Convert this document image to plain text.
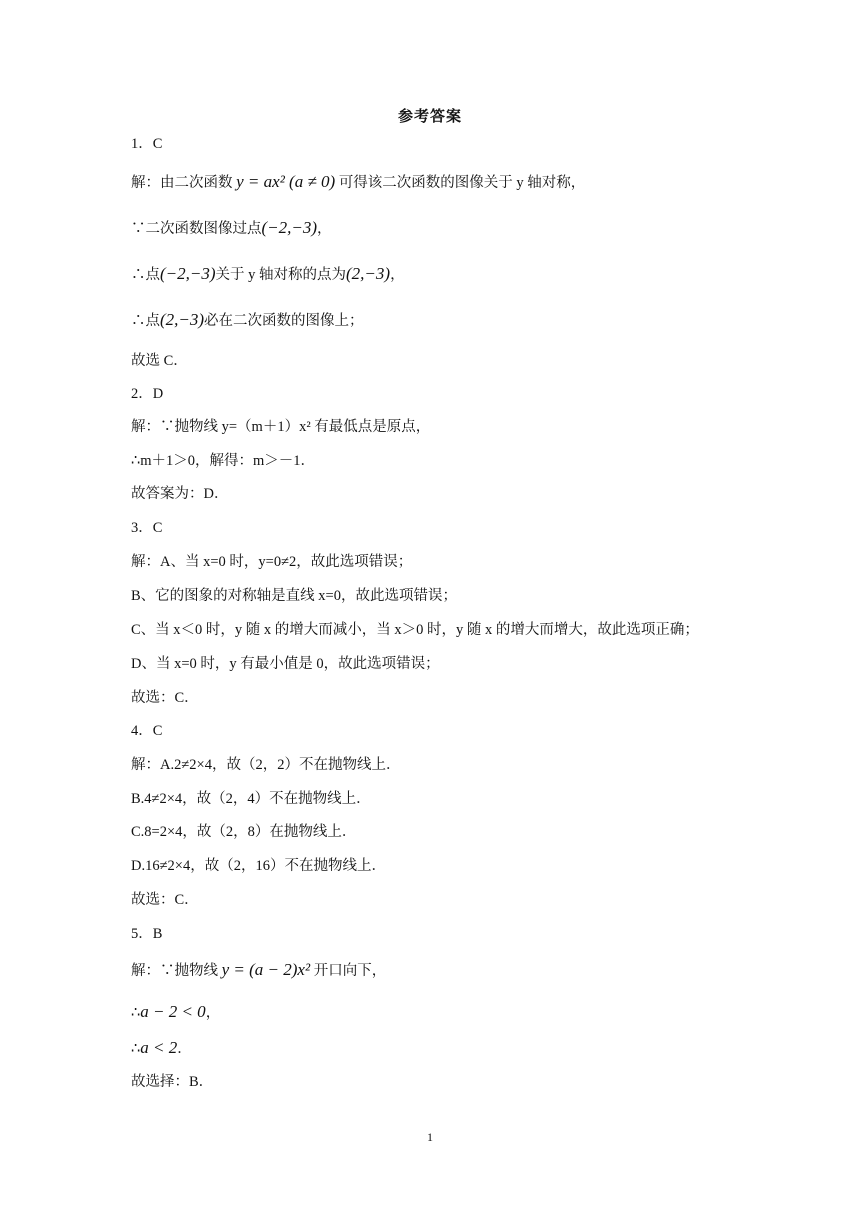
参考答案
1．C
解：由二次函数 y = ax² (a ≠ 0) 可得该二次函数的图像关于 y 轴对称，
∵二次函数图像过点(−2,−3)，
∴点(−2,−3)关于 y 轴对称的点为(2,−3)，
∴点(2,−3)必在二次函数的图像上；
故选 C．
2．D
解：∵抛物线 y=（m＋1）x² 有最低点是原点，
∴m＋1＞0，解得：m＞－1．
故答案为：D．
3．C
解：A、当 x=0 时，y=0≠2，故此选项错误；
B、它的图象的对称轴是直线 x=0，故此选项错误；
C、当 x＜0 时，y 随 x 的增大而减小，当 x＞0 时，y 随 x 的增大而增大，故此选项正确；
D、当 x=0 时，y 有最小值是 0，故此选项错误；
故选：C．
4．C
解：A.2≠2×4，故（2，2）不在抛物线上．
B.4≠2×4，故（2，4）不在抛物线上．
C.8=2×4，故（2，8）在抛物线上．
D.16≠2×4，故（2，16）不在抛物线上．
故选：C．
5．B
解：∵抛物线 y = (a − 2)x² 开口向下，
∴a − 2 < 0，
∴a < 2．
故选择：B．
1
